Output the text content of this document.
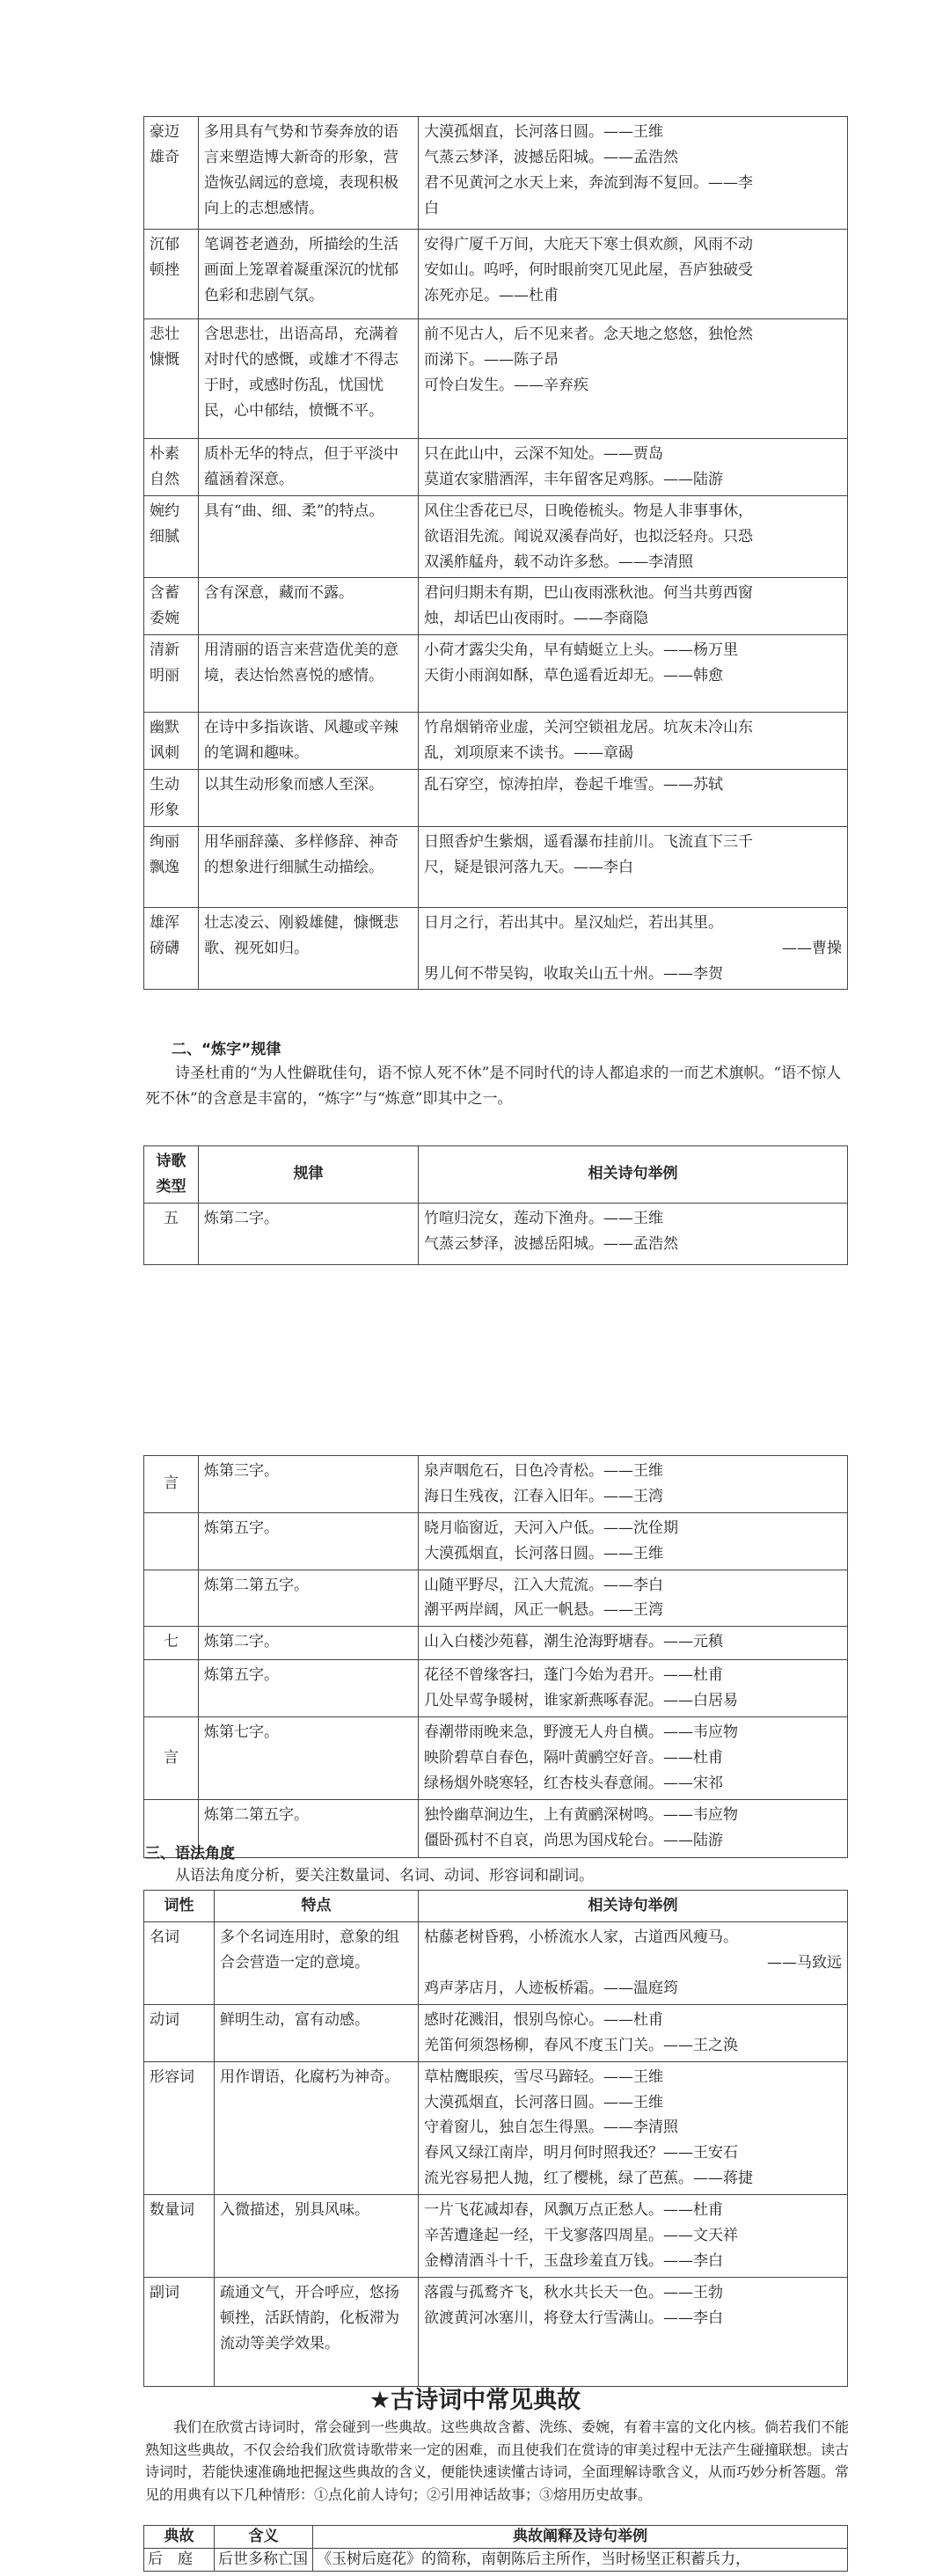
豪迈雄奇	多用具有气势和节奏奔放的语言来塑造博大新奇的形象，营造恢弘阔远的意境，表现积极向上的志想感情。	大漠孤烟直，长河落日圆。——王维
气蒸云梦泽，波撼岳阳城。——孟浩然
君不见黄河之水天上来，奔流到海不复回。——李
白

沉郁顿挫	笔调苍老遒劲，所描绘的生活画面上笼罩着凝重深沉的忧郁色彩和悲剧气氛。	安得广厦千万间，大庇天下寒士俱欢颜，风雨不动
安如山。呜呼，何时眼前突兀见此屋，吾庐独破受
冻死亦足。——杜甫

悲壮慷慨	含思悲壮，出语高昂，充满着对时代的感慨，或雄才不得志于时，或感时伤乱，忧国忧民，心中郁结，愤慨不平。	前不见古人，后不见来者。念天地之悠悠，独怆然
而涕下。——陈子昂
可怜白发生。——辛弃疾

朴素自然	质朴无华的特点，但于平淡中蕴涵着深意。	只在此山中，云深不知处。——贾岛
莫道农家腊酒浑，丰年留客足鸡豚。——陆游

婉约细腻	具有“曲、细、柔”的特点。	风住尘香花已尽，日晚倦梳头。物是人非事事休，
欲语泪先流。闻说双溪春尚好，也拟泛轻舟。只恐
双溪舴艋舟，载不动许多愁。——李清照

含蓄委婉	含有深意，藏而不露。	君问归期未有期，巴山夜雨涨秋池。何当共剪西窗
烛，却话巴山夜雨时。——李商隐

清新明丽	用清丽的语言来营造优美的意境，表达怡然喜悦的感情。	小荷才露尖尖角，早有蜻蜓立上头。——杨万里
天街小雨润如酥，草色遥看近却无。——韩愈

幽默讽刺	在诗中多指诙谐、风趣或辛辣的笔调和趣味。	竹帛烟销帝业虚，关河空锁祖龙居。坑灰未冷山东
乱，刘项原来不读书。——章碣

生动形象	以其生动形象而感人至深。	乱石穿空，惊涛拍岸，卷起千堆雪。——苏轼

绚丽飘逸	用华丽辞藻、多样修辞、神奇的想象进行细腻生动描绘。	日照香炉生紫烟，遥看瀑布挂前川。飞流直下三千
尺，疑是银河落九天。——李白

雄浑磅礴	壮志凌云、刚毅雄健，慷慨悲歌、视死如归。	日月之行，若出其中。星汉灿烂，若出其里。
——曹操
男儿何不带吴钩，收取关山五十州。——李贺
二、“炼字”规律
诗圣杜甫的“为人性僻耽佳句，语不惊人死不休”是不同时代的诗人都追求的一而艺术旗帜。“语不惊人死不休”的含意是丰富的，“炼字”与“炼意”即其中之一。
诗歌类型	规律	相关诗句举例
五	炼第二字。	竹喧归浣女，莲动下渔舟。——王维
气蒸云梦泽，波撼岳阳城。——孟浩然
言	炼第三字。	泉声咽危石，日色冷青松。——王维
海日生残夜，江春入旧年。——王湾

	炼第五字。	晓月临窗近，天河入户低。——沈佺期
大漠孤烟直，长河落日圆。——王维

	炼第二第五字。	山随平野尽，江入大荒流。——李白
潮平两岸阔，风正一帆悬。——王湾

七	炼第二字。	山入白楼沙苑暮，潮生沧海野塘春。——元稹

	炼第五字。	花径不曾缘客扫，蓬门今始为君开。——杜甫
几处早莺争暖树，谁家新燕啄春泥。——白居易

言	炼第七字。	春潮带雨晚来急，野渡无人舟自横。——韦应物
映阶碧草自春色，隔叶黄鹂空好音。——杜甫
绿杨烟外晓寒轻，红杏枝头春意闹。——宋祁

	炼第二第五字。	独怜幽草涧边生，上有黄鹂深树鸣。——韦应物
僵卧孤村不自哀，尚思为国戍轮台。——陆游
三、语法角度
从语法角度分析，要关注数量词、名词、动词、形容词和副词。
词性	特点	相关诗句举例
名词	多个名词连用时，意象的组合会营造一定的意境。	枯藤老树昏鸦，小桥流水人家，古道西风瘦马。
——马致远
鸡声茅店月，人迹板桥霜。——温庭筠

动词	鲜明生动，富有动感。	感时花溅泪，恨别鸟惊心。——杜甫
羌笛何须怨杨柳，春风不度玉门关。——王之涣

形容词	用作谓语，化腐朽为神奇。	草枯鹰眼疾，雪尽马蹄轻。——王维
大漠孤烟直，长河落日圆。——王维
守着窗儿，独自怎生得黑。——李清照
春风又绿江南岸，明月何时照我还？——王安石
流光容易把人抛，红了樱桃，绿了芭蕉。——蒋捷

数量词	入微描述，别具风味。	一片飞花减却春，风飘万点正愁人。——杜甫
辛苦遭逢起一经，干戈寥落四周星。——文天祥
金樽清酒斗十千，玉盘珍羞直万钱。——李白

副词	疏通文气，开合呼应，悠扬顿挫，活跃情韵，化板滞为流动等美学效果。	落霞与孤鹜齐飞，秋水共长天一色。——王勃
欲渡黄河冰塞川，将登太行雪满山。——李白
★古诗词中常见典故
我们在欣赏古诗词时，常会碰到一些典故。这些典故含蓄、洗练、委婉，有着丰富的文化内核。倘若我们不能熟知这些典故，不仅会给我们欣赏诗歌带来一定的困难，而且使我们在赏诗的审美过程中无法产生碰撞联想。读古诗词时，若能快速准确地把握这些典故的含义，便能快速读懂古诗词，全面理解诗歌含义，从而巧妙分析答题。常见的用典有以下几种情形：①点化前人诗句；②引用神话故事；③熔用历史故事。
典故	含义	典故阐释及诗句举例
后　庭	后世多称亡国	《玉树后庭花》的简称，南朝陈后主所作，当时杨坚正积蓄兵力，
